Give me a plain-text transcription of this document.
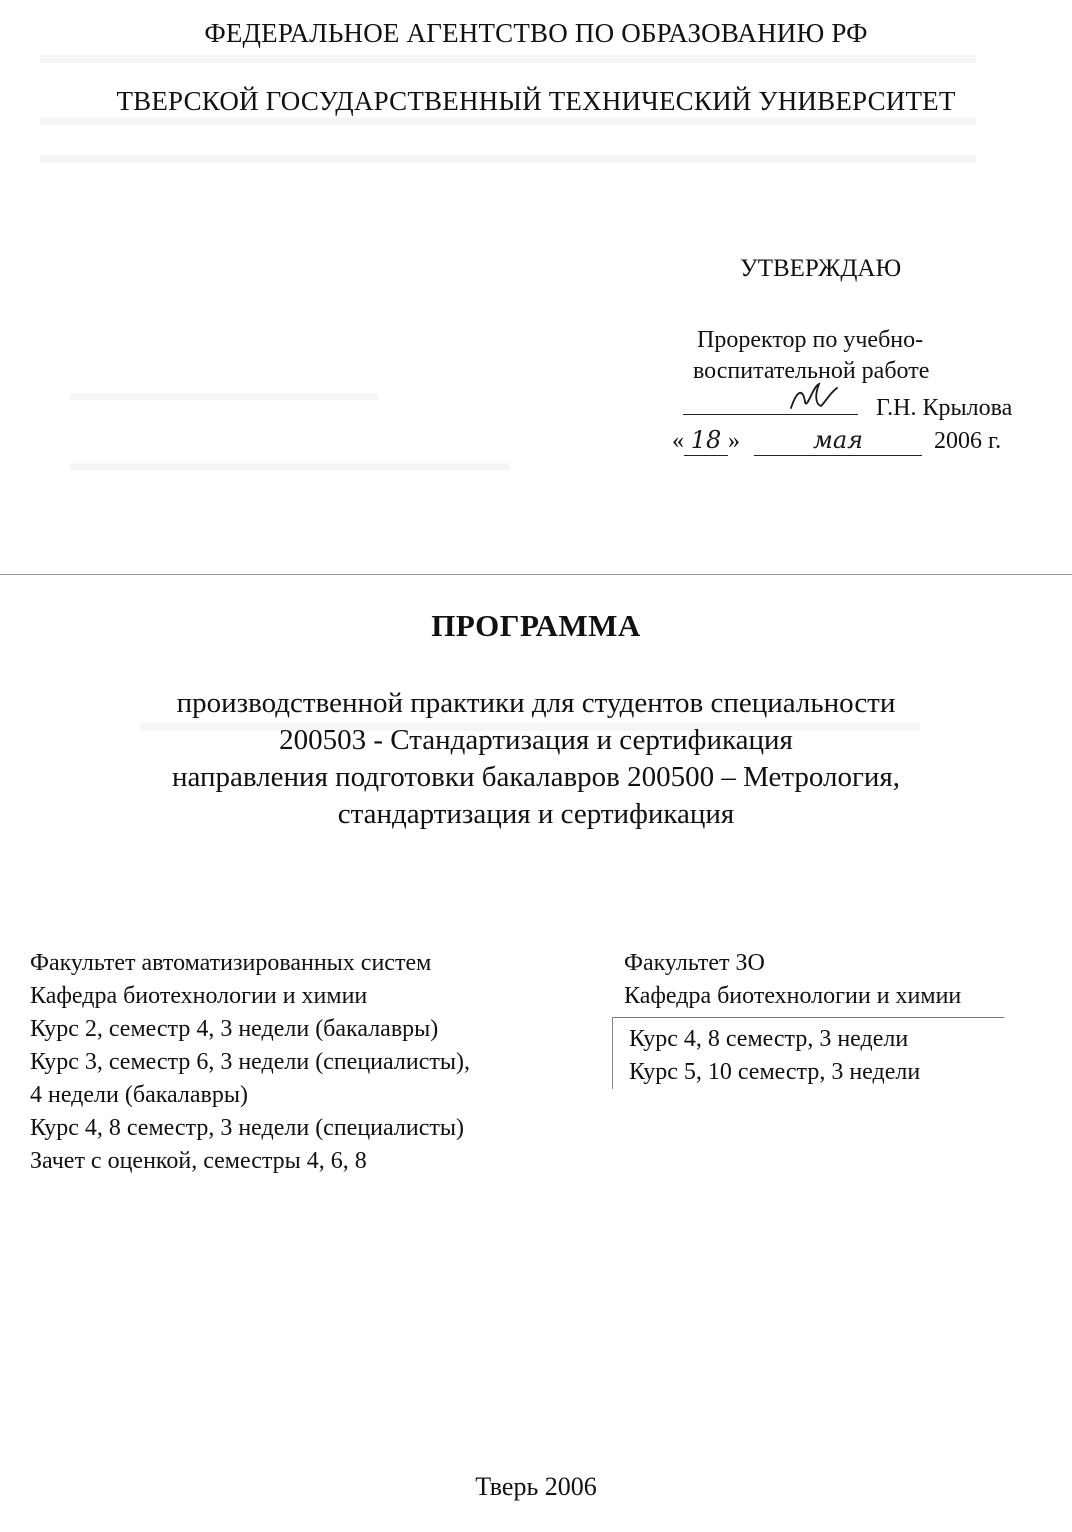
ФЕДЕРАЛЬНОЕ АГЕНТСТВО ПО ОБРАЗОВАНИЮ РФ
ТВЕРСКОЙ ГОСУДАРСТВЕННЫЙ ТЕХНИЧЕСКИЙ УНИВЕРСИТЕТ
УТВЕРЖДАЮ
Проректор по учебно-
воспитательной работе
Г.Н. Крылова
« 18 »	мая	2006 г.
ПРОГРАММА
производственной практики для студентов специальности
200503 - Стандартизация и сертификация
направления подготовки бакалавров 200500 – Метрология,
стандартизация и сертификация
Факультет автоматизированных систем
Кафедра биотехнологии и химии
Курс 2, семестр 4, 3 недели (бакалавры)
Курс 3, семестр 6, 3 недели (специалисты),
4 недели (бакалавры)
Курс 4, 8 семестр, 3 недели (специалисты)
Зачет с оценкой, семестры 4, 6, 8
Факультет ЗО
Кафедра биотехнологии и химии
Курс 4, 8 семестр, 3 недели
Курс 5, 10 семестр, 3 недели
Тверь 2006
